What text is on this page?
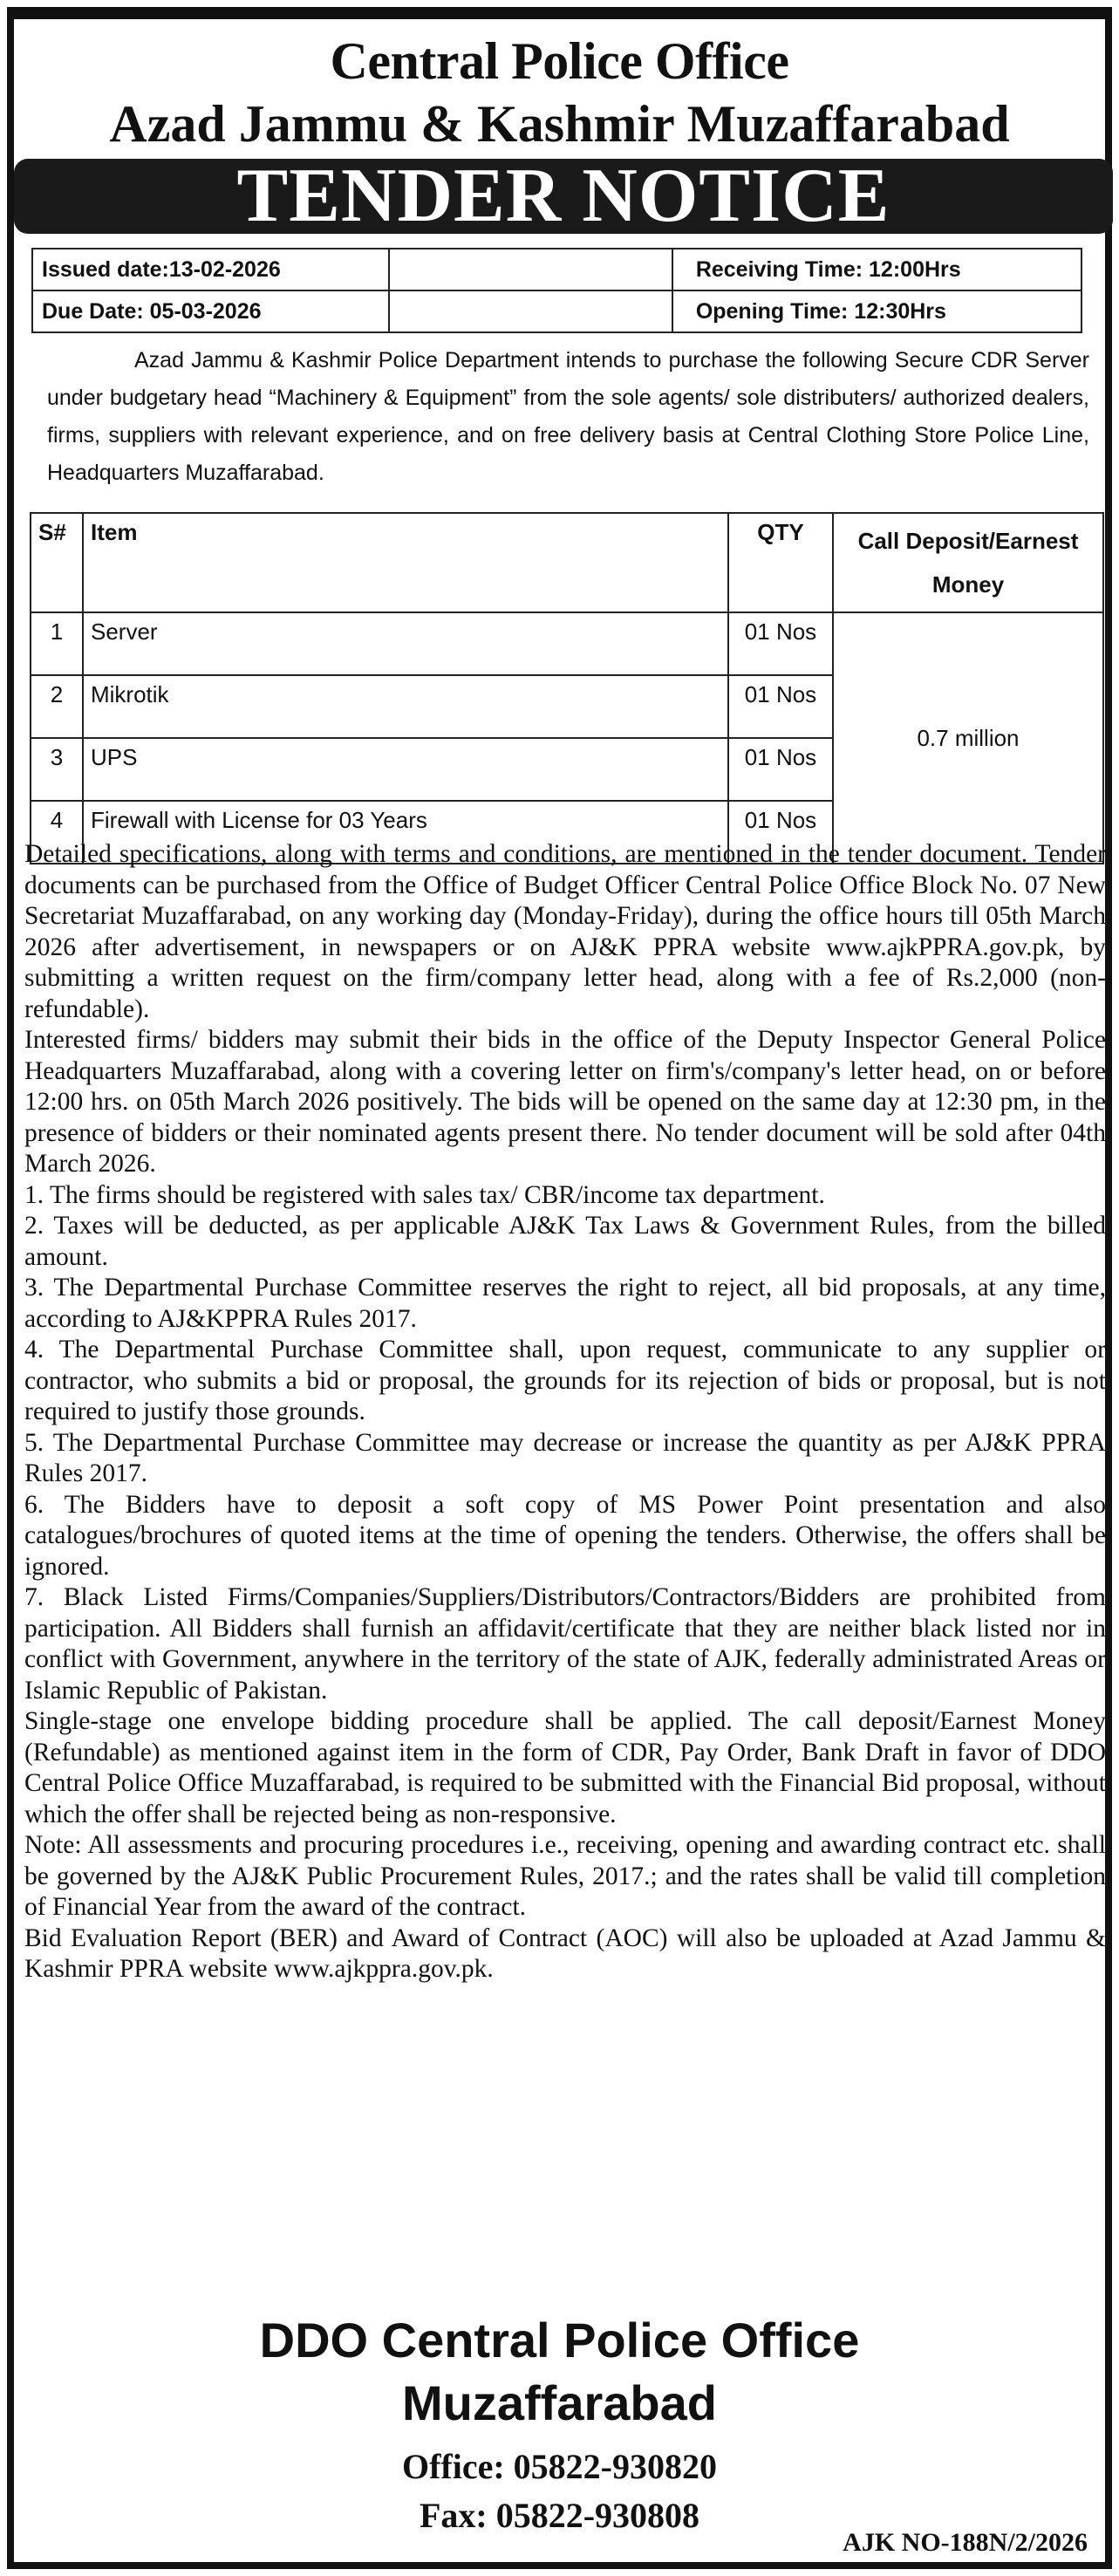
Central Police Office
Azad Jammu & Kashmir Muzaffarabad
TENDER NOTICE
Issued date:13-02-2026		Receiving Time: 12:00Hrs
Due Date: 05-03-2026		Opening Time: 12:30Hrs
Azad Jammu & Kashmir Police Department intends to purchase the following Secure CDR Server under budgetary head “Machinery & Equipment” from the sole agents/ sole distributers/ authorized dealers, firms, suppliers with relevant experience, and on free delivery basis at Central Clothing Store Police Line, Headquarters Muzaffarabad.
S#	Item	QTY	Call Deposit/Earnest Money
1	Server	01 Nos	0.7 million
2	Mikrotik	01 Nos	
3	UPS	01 Nos	
4	Firewall with License for 03 Years	01 Nos	

Detailed specifications, along with terms and conditions, are mentioned in the tender document. Tender documents can be purchased from the Office of Budget Officer Central Police Office Block No. 07 New Secretariat Muzaffarabad, on any working day (Monday-Friday), during the office hours till 05th March 2026 after advertisement, in newspapers or on AJ&K PPRA website www.ajkPPRA.gov.pk, by submitting a written request on the firm/company letter head, along with a fee of Rs.2,000 (non-refundable).

Interested firms/ bidders may submit their bids in the office of the Deputy Inspector General Police Headquarters Muzaffarabad, along with a covering letter on firm's/company's letter head, on or before 12:00 hrs. on 05th March 2026 positively. The bids will be opened on the same day at 12:30 pm, in the presence of bidders or their nominated agents present there. No tender document will be sold after 04th March 2026.

1. The firms should be registered with sales tax/ CBR/income tax department.

2. Taxes will be deducted, as per applicable AJ&K Tax Laws & Government Rules, from the billed amount.

3. The Departmental Purchase Committee reserves the right to reject, all bid proposals, at any time, according to AJ&KPPRA Rules 2017.

4. The Departmental Purchase Committee shall, upon request, communicate to any supplier or contractor, who submits a bid or proposal, the grounds for its rejection of bids or proposal, but is not required to justify those grounds.

5. The Departmental Purchase Committee may decrease or increase the quantity as per AJ&K PPRA Rules 2017.

6. The Bidders have to deposit a soft copy of MS Power Point presentation and also catalogues/brochures of quoted items at the time of opening the tenders. Otherwise, the offers shall be ignored.

7. Black Listed Firms/Companies/Suppliers/Distributors/Contractors/Bidders are prohibited from participation. All Bidders shall furnish an affidavit/certificate that they are neither black listed nor in conflict with Government, anywhere in the territory of the state of AJK, federally administrated Areas or Islamic Republic of Pakistan.

Single-stage one envelope bidding procedure shall be applied. The call deposit/Earnest Money (Refundable) as mentioned against item in the form of CDR, Pay Order, Bank Draft in favor of DDO Central Police Office Muzaffarabad, is required to be submitted with the Financial Bid proposal, without which the offer shall be rejected being as non-responsive.

Note: All assessments and procuring procedures i.e., receiving, opening and awarding contract etc. shall be governed by the AJ&K Public Procurement Rules, 2017.; and the rates shall be valid till completion of Financial Year from the award of the contract.

Bid Evaluation Report (BER) and Award of Contract (AOC) will also be uploaded at Azad Jammu & Kashmir PPRA website www.ajkppra.gov.pk.

DDO Central Police Office
Muzaffarabad
Office: 05822-930820
Fax: 05822-930808
AJK NO-188N/2/2026
